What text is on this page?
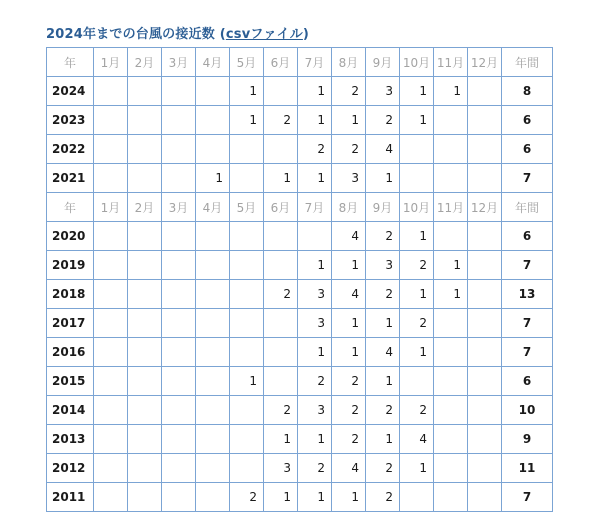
2024年までの台風の接近数 (csvファイル)
年	1月	2月	3月	4月	5月	6月	7月	8月	9月	10月	11月	12月	年間
2024					1		1	2	3	1	1		8
2023					1	2	1	1	2	1			6
2022							2	2	4				6
2021				1		1	1	3	1				7
年	1月	2月	3月	4月	5月	6月	7月	8月	9月	10月	11月	12月	年間
2020								4	2	1			6
2019							1	1	3	2	1		7
2018						2	3	4	2	1	1		13
2017							3	1	1	2			7
2016							1	1	4	1			7
2015					1		2	2	1				6
2014						2	3	2	2	2			10
2013						1	1	2	1	4			9
2012						3	2	4	2	1			11
2011					2	1	1	1	2				7
